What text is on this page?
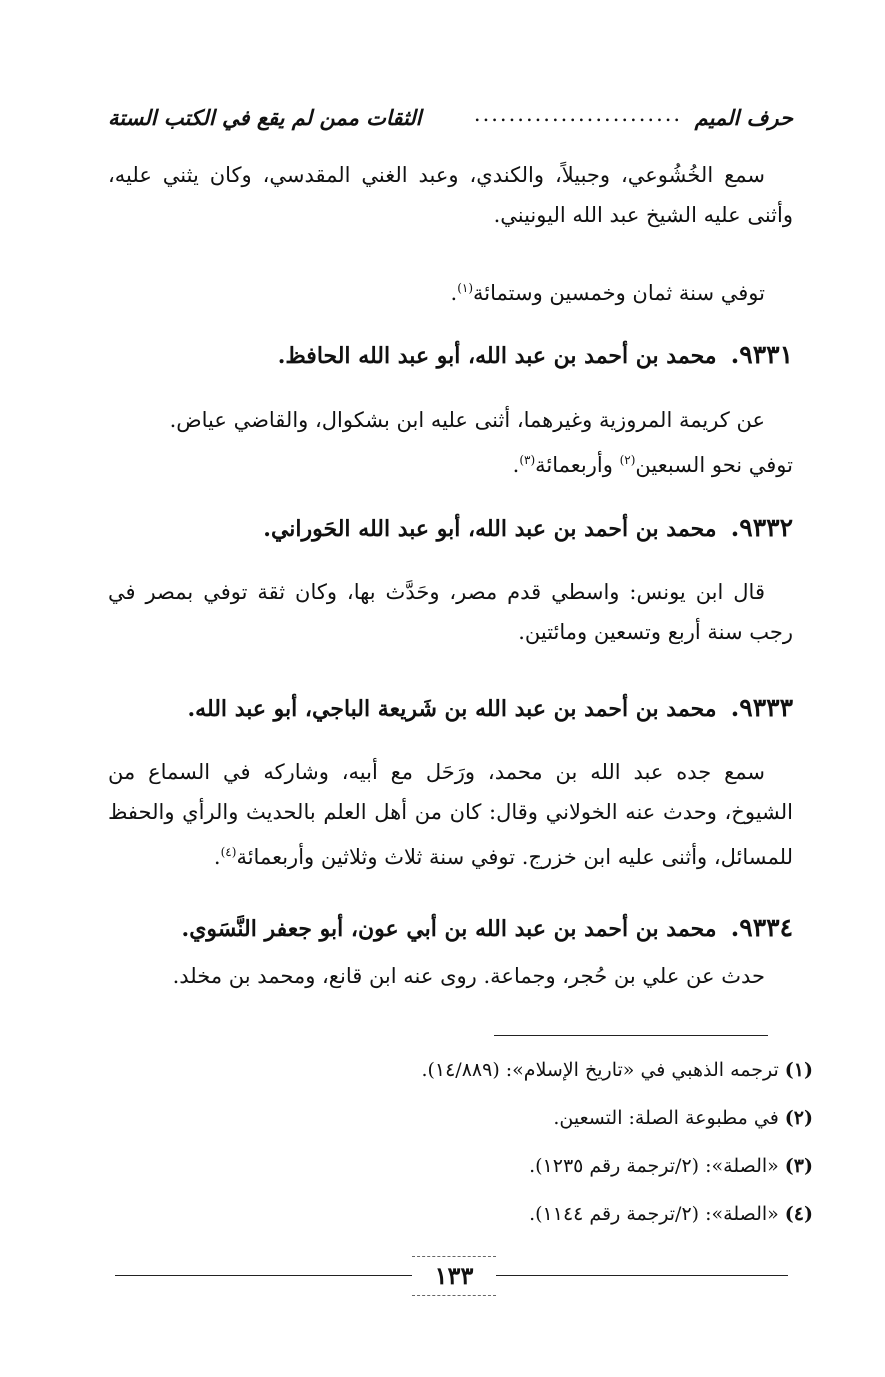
حرف الميم
........................
الثقات ممن لم يقع في الكتب الستة
سمع الخُشُوعي، وجبيلاً، والكندي، وعبد الغني المقدسي، وكان يثني عليه، وأثنى عليه الشيخ عبد الله اليونيني.
توفي سنة ثمان وخمسين وستمائة$^{(١)}$.
٩٣٣١.محمد بن أحمد بن عبد الله، أبو عبد الله الحافظ.
عن كريمة المروزية وغيرهما، أثنى عليه ابن بشكوال، والقاضي عياض.
توفي نحو السبعين$^{(٢)}$ وأربعمائة$^{(٣)}$.
٩٣٣٢.محمد بن أحمد بن عبد الله، أبو عبد الله الحَوراني.
قال ابن يونس: واسطي قدم مصر، وحَدَّث بها، وكان ثقة توفي بمصر في رجب سنة أربع وتسعين ومائتين.
٩٣٣٣.محمد بن أحمد بن عبد الله بن شَريعة الباجي، أبو عبد الله.
سمع جده عبد الله بن محمد، ورَحَل مع أبيه، وشاركه في السماع من الشيوخ، وحدث عنه الخولاني وقال: كان من أهل العلم بالحديث والرأي والحفظ للمسائل، وأثنى عليه ابن خزرج. توفي سنة ثلاث وثلاثين وأربعمائة$^{(٤)}$.
٩٣٣٤.محمد بن أحمد بن عبد الله بن أبي عون، أبو جعفر النَّسَوي.
حدث عن علي بن حُجر، وجماعة. روى عنه ابن قانع، ومحمد بن مخلد.
(١)ترجمه الذهبي في «تاريخ الإسلام»: (١٤/٨٨٩).
(٢)في مطبوعة الصلة: التسعين.
(٣)«الصلة»: (٢/ترجمة رقم ١٢٣٥).
(٤)«الصلة»: (٢/ترجمة رقم ١١٤٤).
١٣٣
